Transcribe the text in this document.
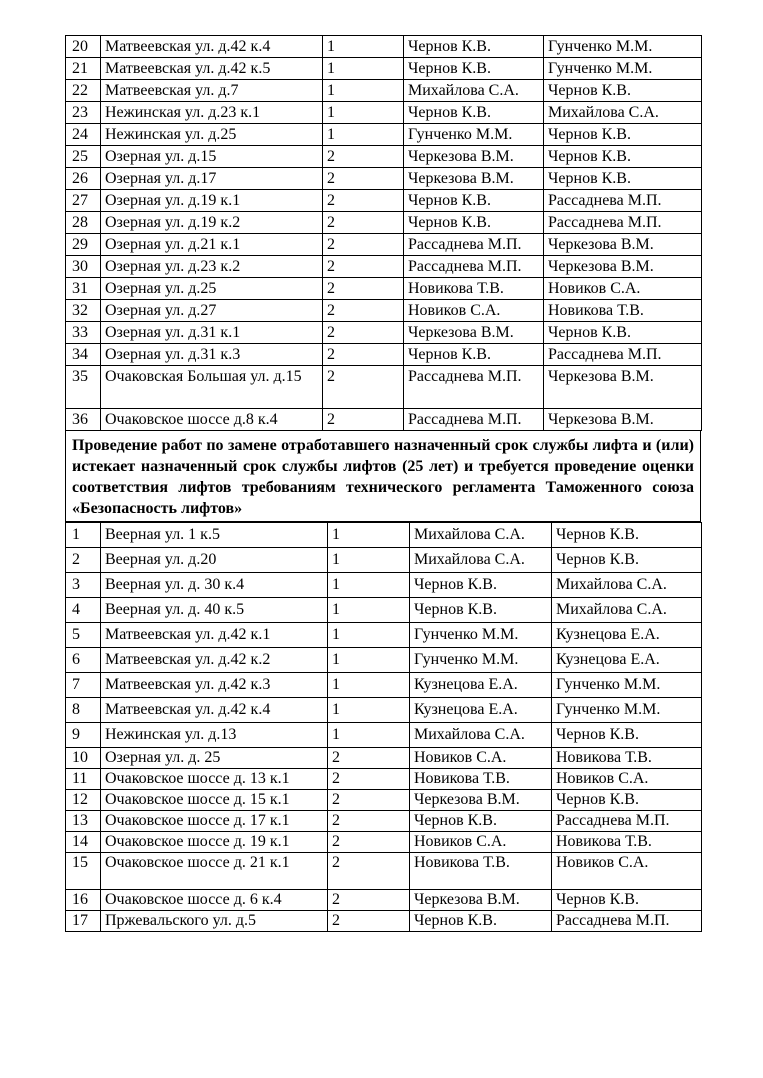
20	Матвеевская ул. д.42 к.4	1	Чернов К.В.	Гунченко М.М.
21	Матвеевская ул. д.42 к.5	1	Чернов К.В.	Гунченко М.М.
22	Матвеевская ул. д.7	1	Михайлова С.А.	Чернов К.В.
23	Нежинская ул. д.23 к.1	1	Чернов К.В.	Михайлова С.А.
24	Нежинская ул. д.25	1	Гунченко М.М.	Чернов К.В.
25	Озерная ул. д.15	2	Черкезова В.М.	Чернов К.В.
26	Озерная ул. д.17	2	Черкезова В.М.	Чернов К.В.
27	Озерная ул. д.19 к.1	2	Чернов К.В.	Рассаднева М.П.
28	Озерная ул. д.19 к.2	2	Чернов К.В.	Рассаднева М.П.
29	Озерная ул. д.21 к.1	2	Рассаднева М.П.	Черкезова В.М.
30	Озерная ул. д.23 к.2	2	Рассаднева М.П.	Черкезова В.М.
31	Озерная ул. д.25	2	Новикова Т.В.	Новиков С.А.
32	Озерная ул. д.27	2	Новиков С.А.	Новикова Т.В.
33	Озерная ул. д.31 к.1	2	Черкезова В.М.	Чернов К.В.
34	Озерная ул. д.31 к.3	2	Чернов К.В.	Рассаднева М.П.
35	Очаковская Большая ул. д.15	2	Рассаднева М.П.	Черкезова В.М.
36	Очаковское шоссе д.8 к.4	2	Рассаднева М.П.	Черкезова В.М.
Проведение работ по замене отработавшего назначенный срок службы лифта и (или) истекает назначенный срок службы лифтов (25 лет) и требуется проведение оценки соответствия лифтов требованиям технического регламента Таможенного союза «Безопасность лифтов»
1	Веерная ул. 1 к.5	1	Михайлова С.А.	Чернов К.В.
2	Веерная ул. д.20	1	Михайлова С.А.	Чернов К.В.
3	Веерная ул. д. 30 к.4	1	Чернов К.В.	Михайлова С.А.
4	Веерная ул. д. 40 к.5	1	Чернов К.В.	Михайлова С.А.
5	Матвеевская ул. д.42 к.1	1	Гунченко М.М.	Кузнецова Е.А.
6	Матвеевская ул. д.42 к.2	1	Гунченко М.М.	Кузнецова Е.А.
7	Матвеевская ул. д.42 к.3	1	Кузнецова Е.А.	Гунченко М.М.
8	Матвеевская ул. д.42 к.4	1	Кузнецова Е.А.	Гунченко М.М.
9	Нежинская ул. д.13	1	Михайлова С.А.	Чернов К.В.
10	Озерная ул. д. 25	2	Новиков С.А.	Новикова Т.В.
11	Очаковское шоссе д. 13 к.1	2	Новикова Т.В.	Новиков С.А.
12	Очаковское шоссе д. 15 к.1	2	Черкезова В.М.	Чернов К.В.
13	Очаковское шоссе д. 17 к.1	2	Чернов К.В.	Рассаднева М.П.
14	Очаковское шоссе д. 19 к.1	2	Новиков С.А.	Новикова Т.В.
15	Очаковское шоссе д. 21 к.1	2	Новикова Т.В.	Новиков С.А.
16	Очаковское шоссе д. 6 к.4	2	Черкезова В.М.	Чернов К.В.
17	Пржевальского ул. д.5	2	Чернов К.В.	Рассаднева М.П.
